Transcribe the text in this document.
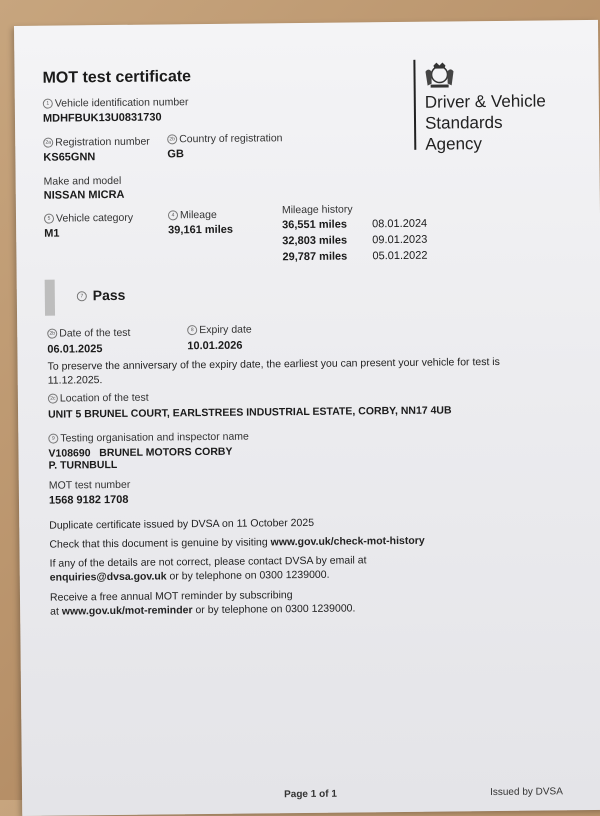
MOT test certificate
Driver & Vehicle
Standards
Agency
1 Vehicle identification number
MDHFBUK13U0831730
2a Registration number
KS65GNN
2b Country of registration
GB
Make and model
NISSAN MICRA
5 Vehicle category
M1
4 Mileage
39,161 miles
Mileage history
36,551 miles 08.01.2024
32,803 miles 09.01.2023
29,787 miles 05.01.2022
7 Pass
2b Date of the test
06.01.2025
8 Expiry date
10.01.2026
To preserve the anniversary of the expiry date, the earliest you can present your vehicle for test is
11.12.2025.
2c Location of the test
UNIT 5 BRUNEL COURT, EARLSTREES INDUSTRIAL ESTATE, CORBY, NN17 4UB
9 Testing organisation and inspector name
V108690   BRUNEL MOTORS CORBY
P. TURNBULL
MOT test number
1568 9182 1708
Duplicate certificate issued by DVSA on 11 October 2025
Check that this document is genuine by visiting www.gov.uk/check-mot-history
If any of the details are not correct, please contact DVSA by email at
enquiries@dvsa.gov.uk or by telephone on 0300 1239000.
Receive a free annual MOT reminder by subscribing
at www.gov.uk/mot-reminder or by telephone on 0300 1239000.
Page 1 of 1	Issued by DVSA
